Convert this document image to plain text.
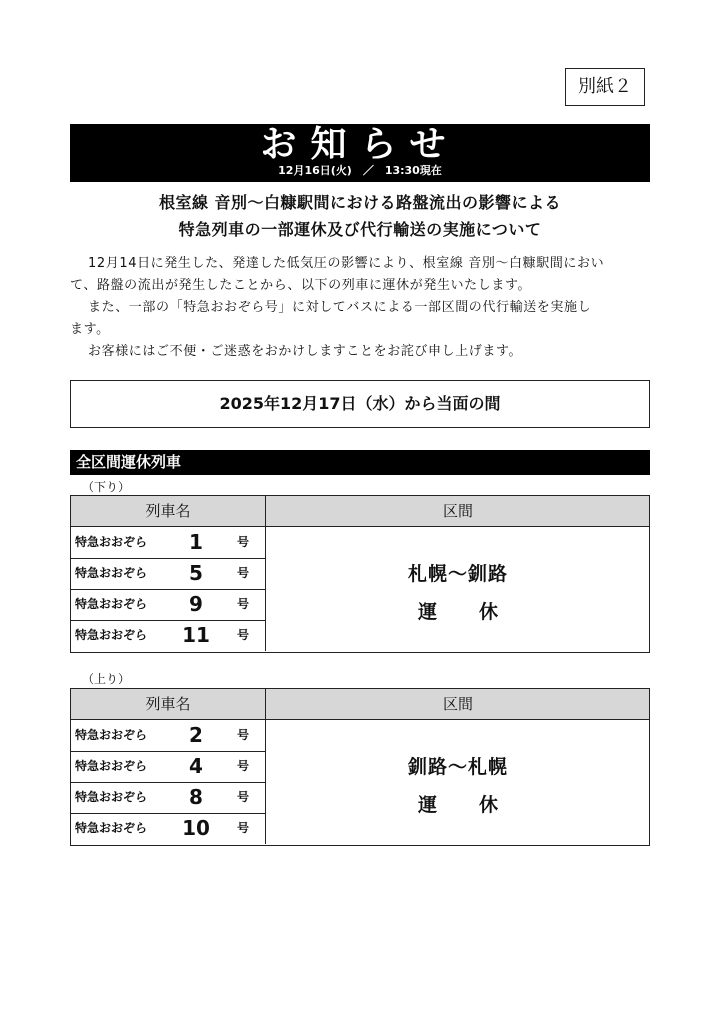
別紙２
お知らせ
12月16日(火)　／　13:30現在
根室線 音別～白糠駅間における路盤流出の影響による
特急列車の一部運休及び代行輸送の実施について
12月14日に発生した、発達した低気圧の影響により、根室線 音別～白糠駅間におい
て、路盤の流出が発生したことから、以下の列車に運休が発生いたします。
また、一部の「特急おおぞら号」に対してバスによる一部区間の代行輸送を実施し
ます。
お客様にはご不便・ご迷惑をおかけしますことをお詫び申し上げます。
2025年12月17日（水）から当面の間
全区間運休列車
（下り）
列車名	区間
特急おおぞら	1	号
特急おおぞら	5	号
特急おおぞら	9	号
特急おおぞら	11	号
札幌～釧路
運 休
（上り）
列車名	区間
特急おおぞら	2	号
特急おおぞら	4	号
特急おおぞら	8	号
特急おおぞら	10	号
釧路～札幌
運 休
